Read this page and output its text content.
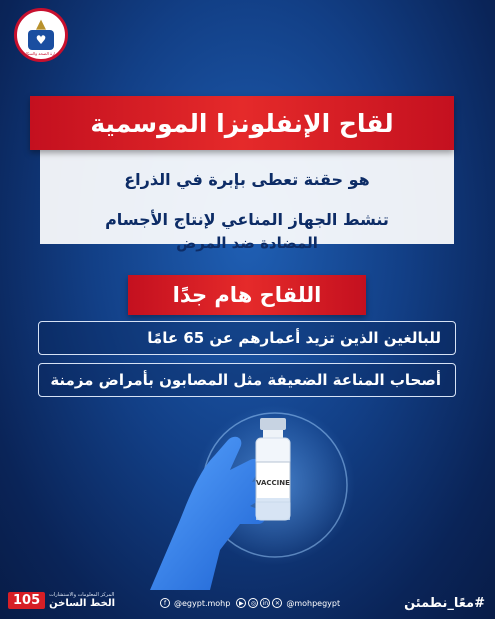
▲
♥
وزارة الصحة والسكان
لقاح الإنفلونزا الموسمية
هو حقنة تعطى بإبرة في الذراع
تنشط الجهاز المناعي لإنتاج الأجسام
المضادة ضد المرض
اللقاح هام جدًا
للبالغين الذين تزيد أعمارهم عن 65 عامًا
أصحاب المناعة الضعيفة مثل المصابون بأمراض مزمنة
VACCINE
105	المركز المعلومات والاستشارات
الخط الساخن	f @egypt.mohp	▶	◎	in	✕ @mohpegypt	#معًا_نطمئن
